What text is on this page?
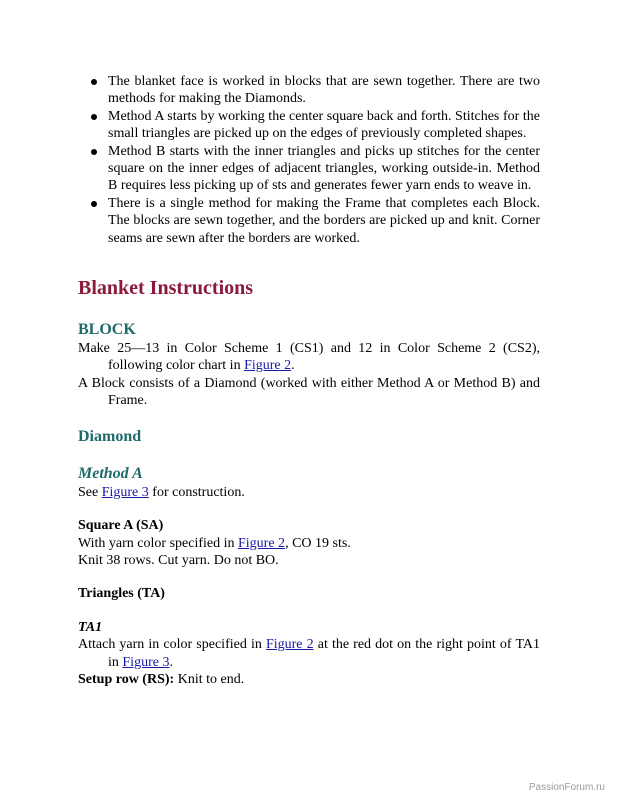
The blanket face is worked in blocks that are sewn together. There are two methods for making the Diamonds.
Method A starts by working the center square back and forth. Stitches for the small triangles are picked up on the edges of previously completed shapes.
Method B starts with the inner triangles and picks up stitches for the center square on the inner edges of adjacent triangles, working outside-in. Method B requires less picking up of sts and generates fewer yarn ends to weave in.
There is a single method for making the Frame that completes each Block. The blocks are sewn together, and the borders are picked up and knit. Corner seams are sewn after the borders are worked.
Blanket Instructions
BLOCK

Make 25—13 in Color Scheme 1 (CS1) and 12 in Color Scheme 2 (CS2), following color chart in Figure 2.

A Block consists of a Diamond (worked with either Method A or Method B) and Frame.

Diamond
Method A

See Figure 3 for construction.

Square A (SA)

With yarn color specified in Figure 2, CO 19 sts.

Knit 38 rows. Cut yarn. Do not BO.

Triangles (TA)

TA1

Attach yarn in color specified in Figure 2 at the red dot on the right point of TA1 in Figure 3.

Setup row (RS): Knit to end.

PassionForum.ru
